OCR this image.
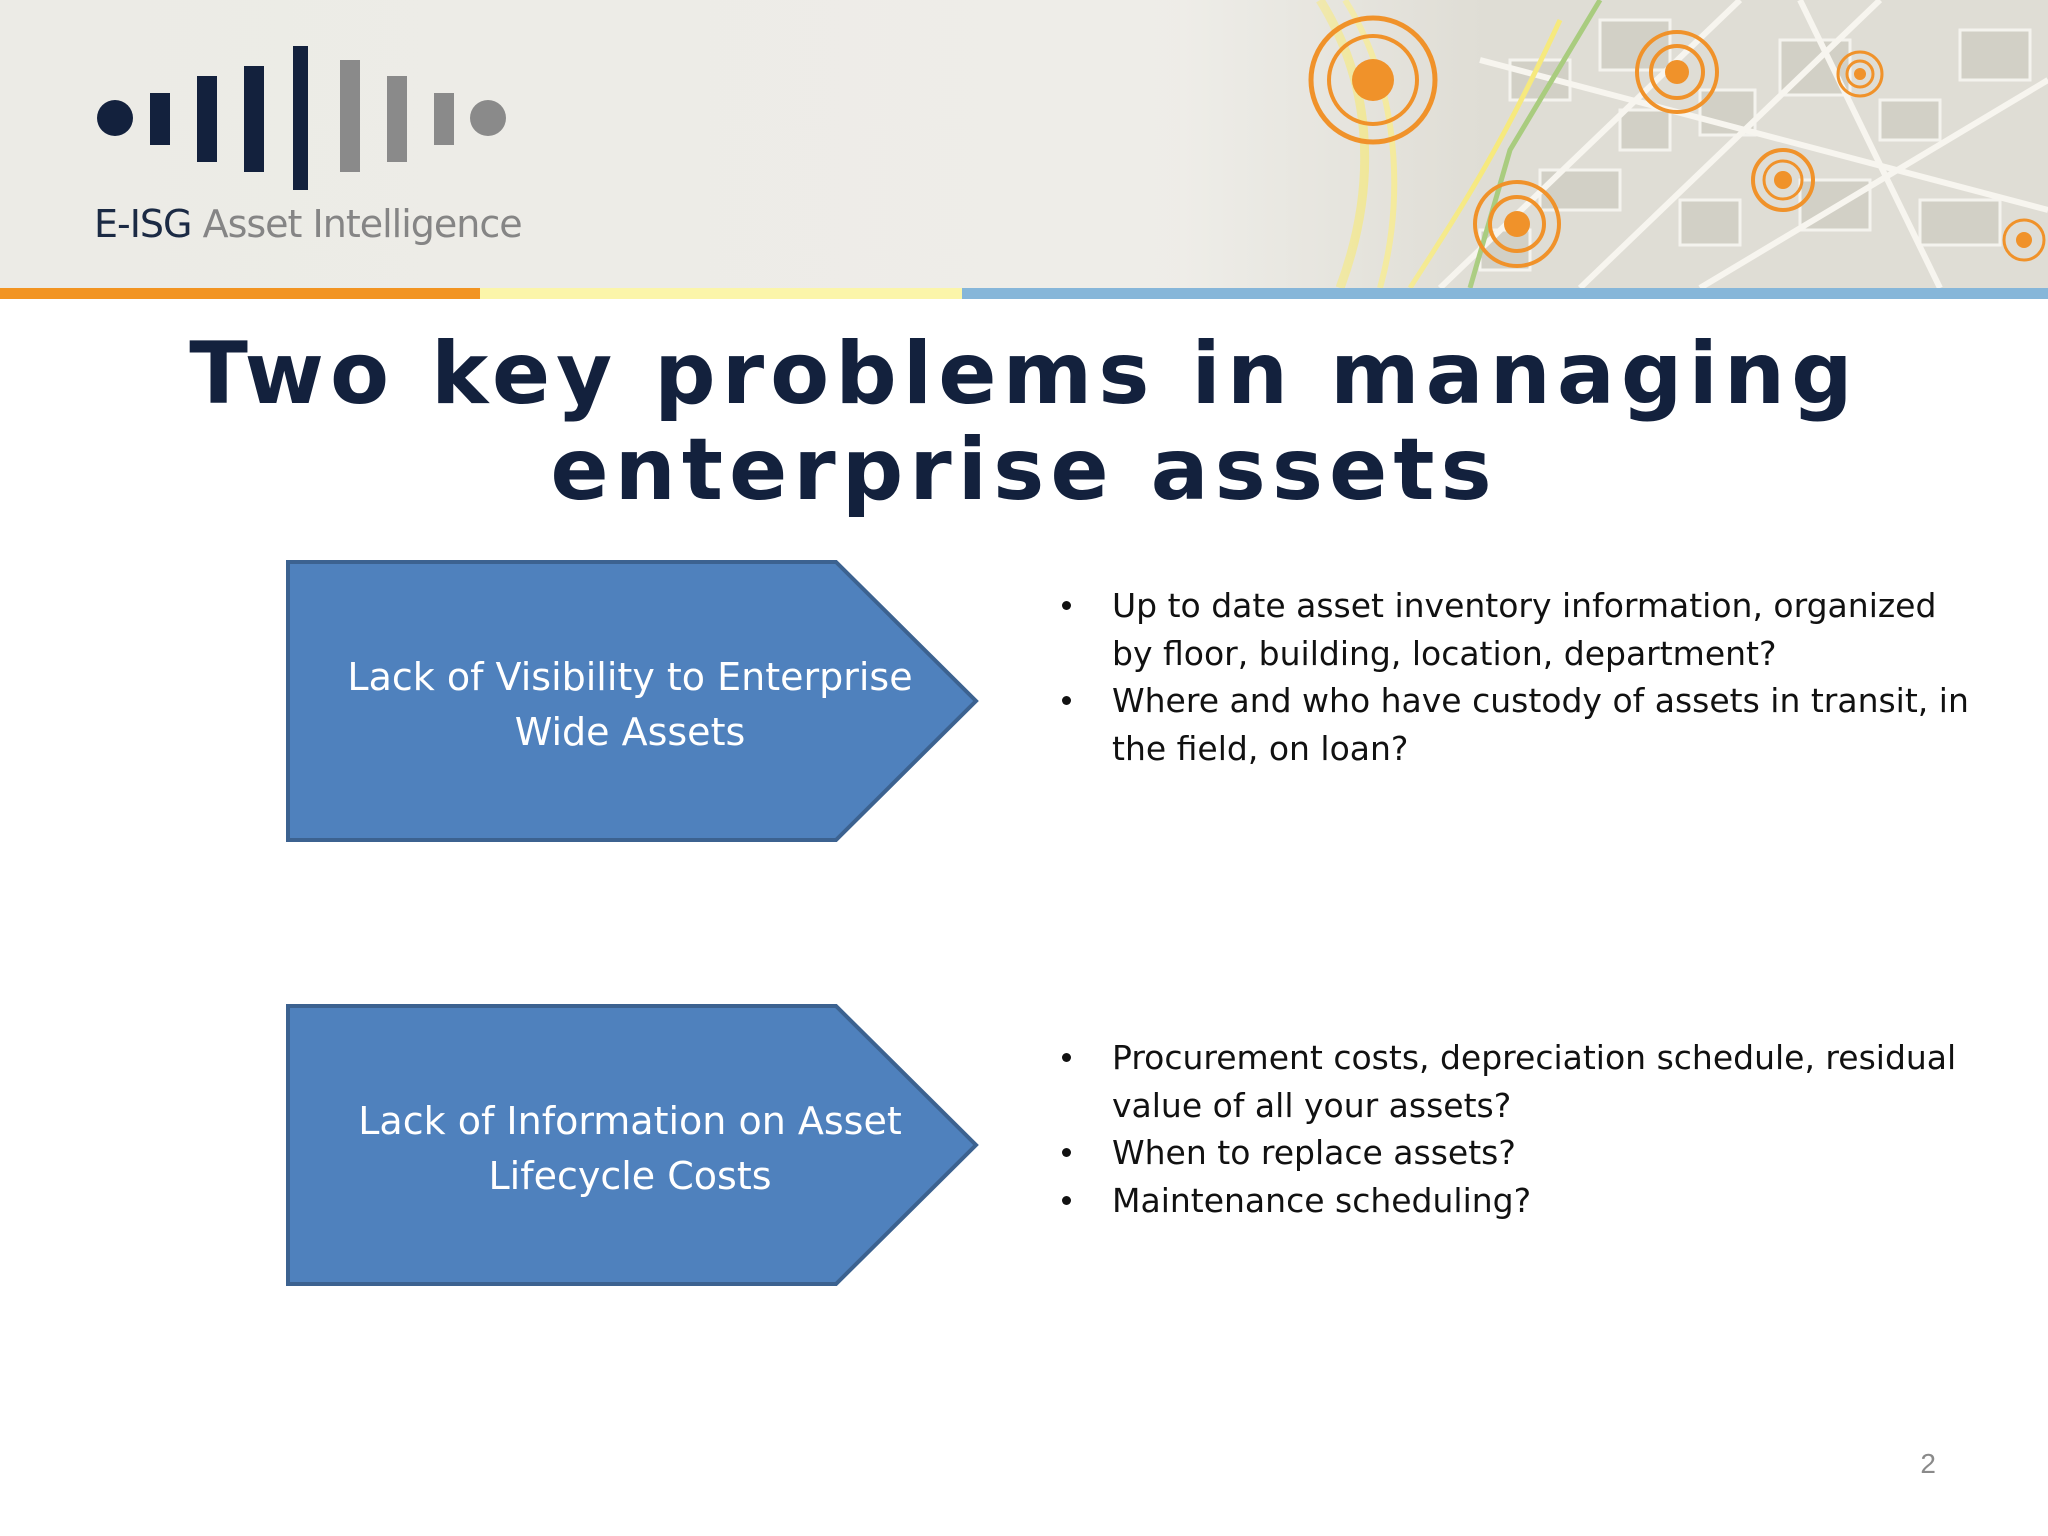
E-ISG Asset Intelligence

Two key problems in managing
enterprise assets

Lack of Visibility to Enterprise
Wide Assets

Up to date asset inventory information, organized by floor, building, location, department?
Where and who have custody of assets in transit, in the field, on loan?

Lack of Information on Asset
Lifecycle Costs

Procurement costs, depreciation schedule, residual value of all your assets?
When to replace assets?
Maintenance scheduling?

2
